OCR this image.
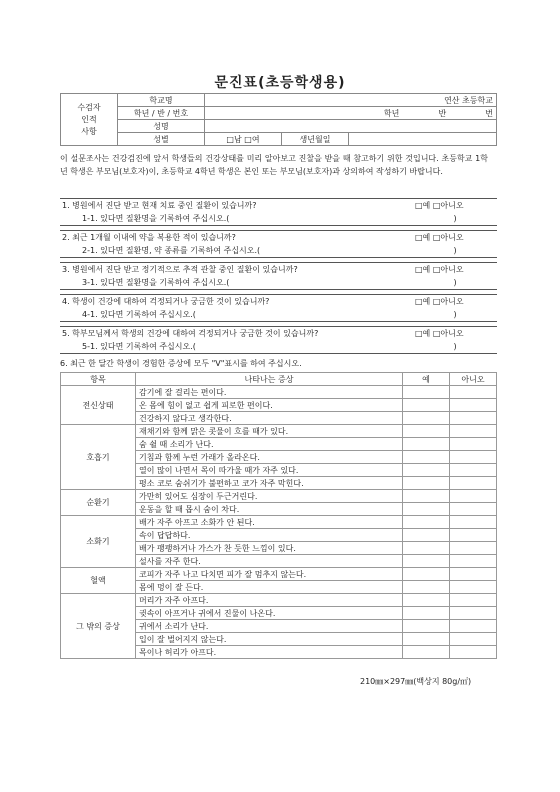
문진표(초등학생용)
수검자
인적
사항	학교명	연산 초등학교		
	학년 / 반 / 번호	학년 반 번		
	성명			
	성별	□남 □여	생년월일	
이 설문조사는 건강검진에 앞서 학생들의 건강상태를 미리 알아보고 진찰을 받을 때 참고하기 위한 것입니다. 초등학교 1학년 학생은 부모님(보호자)이, 초등학교 4학년 학생은 본인 또는 부모님(보호자)과 상의하여 작성하기 바랍니다.
1. 병원에서 진단 받고 현재 치료 중인 질환이 있습니까?	□예 □아니오
1-1. 있다면 질환명을 기록하여 주십시오.(	)
2. 최근 1개월 이내에 약을 복용한 적이 있습니까?	□예 □아니오
2-1. 있다면 질환명, 약 종류를 기록하여 주십시오.(	)
3. 병원에서 진단 받고 정기적으로 추적 관찰 중인 질환이 있습니까?	□예 □아니오
3-1. 있다면 질환명을 기록하여 주십시오.(	)
4. 학생이 건강에 대하여 걱정되거나 궁금한 것이 있습니까?	□예 □아니오
4-1. 있다면 기록하여 주십시오.(	)
5. 학부모님께서 학생의 건강에 대하여 걱정되거나 궁금한 것이 있습니까?	□예 □아니오
5-1. 있다면 기록하여 주십시오.(	)
6. 최근 한 달간 학생이 경험한 증상에 모두 "V"표시를 하여 주십시오.
항목	나타나는 증상	예	아니오
전신상태	감기에 잘 걸리는 편이다.		
	온 몸에 힘이 없고 쉽게 피로한 편이다.		
	건강하지 않다고 생각한다.		
호흡기	재채기와 함께 맑은 콧물이 흐를 때가 있다.		
	숨 쉴 때 소리가 난다.		
	기침과 함께 누런 가래가 올라온다.		
	열이 많이 나면서 목이 따가울 때가 자주 있다.		
	평소 코로 숨쉬기가 불편하고 코가 자주 막힌다.		
순환기	가만히 있어도 심장이 두근거린다.		
	운동을 할 때 몹시 숨이 차다.		
소화기	배가 자주 아프고 소화가 안 된다.		
	속이 답답하다.		
	배가 팽팽하거나 가스가 찬 듯한 느낌이 있다.		
	설사를 자주 한다.		
혈액	코피가 자주 나고 다치면 피가 잘 멈추지 않는다.		
	몸에 멍이 잘 든다.		
그 밖의 증상	머리가 자주 아프다.		
	귓속이 아프거나 귀에서 진물이 나온다.		
	귀에서 소리가 난다.		
	입이 잘 벌어지지 않는다.		
	목이나 허리가 아프다.		
210㎜×297㎜(백상지 80g/㎡)
